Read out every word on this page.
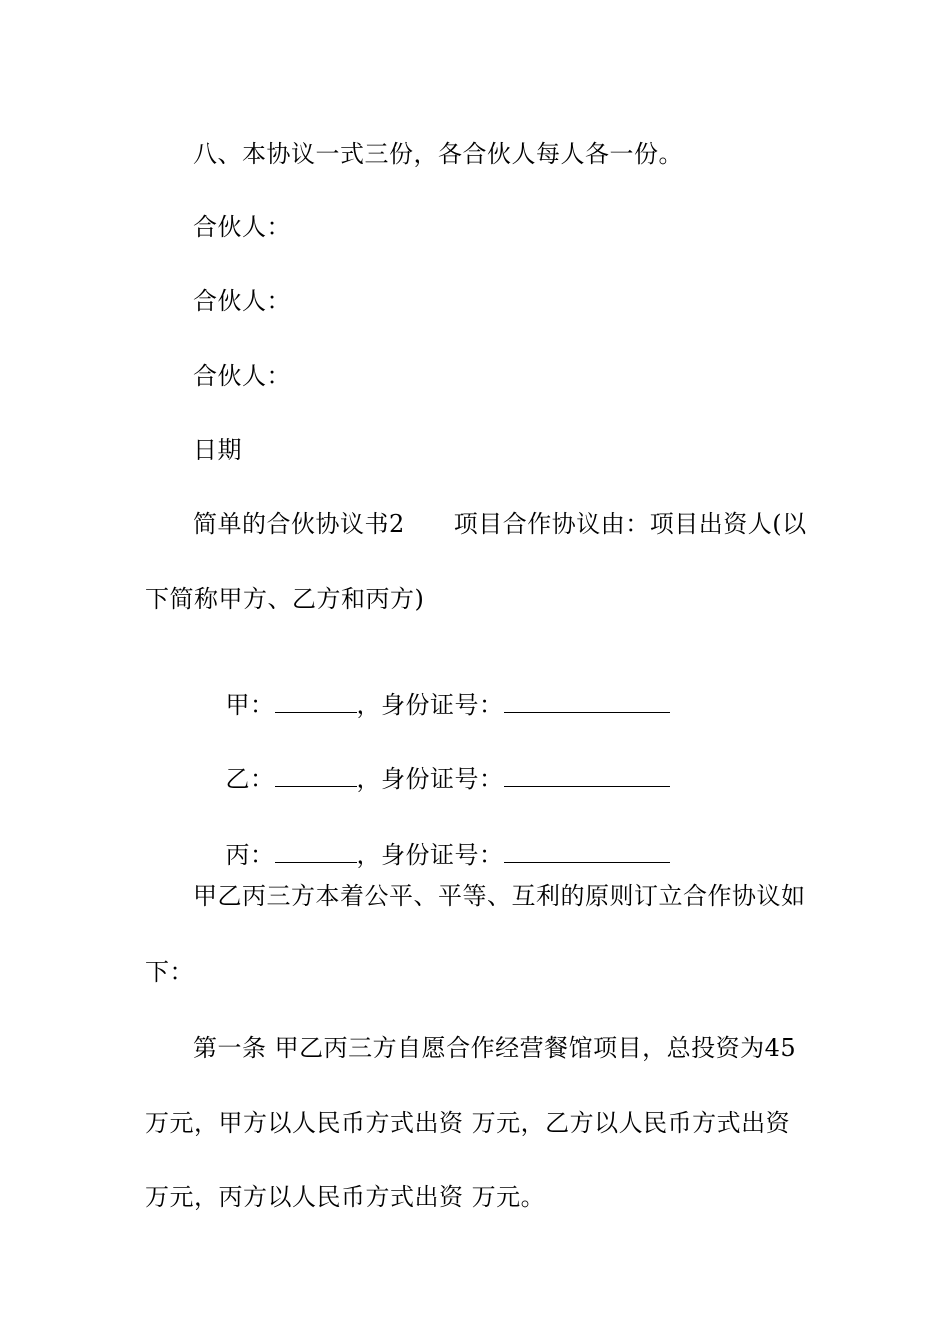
八、本协议一式三份，各合伙人每人各一份。
合伙人：
合伙人：
合伙人：
日期
简单的合伙协议书2　　项目合作协议由：项目出资人(以
下简称甲方、乙方和丙方)

甲：	，身份证号：

乙：	，身份证号：

丙：	，身份证号：

甲乙丙三方本着公平、平等、互利的原则订立合作协议如
下：
第一条 甲乙丙三方自愿合作经营餐馆项目，总投资为45
万元，甲方以人民币方式出资 万元，乙方以人民币方式出资
万元，丙方以人民币方式出资 万元。
